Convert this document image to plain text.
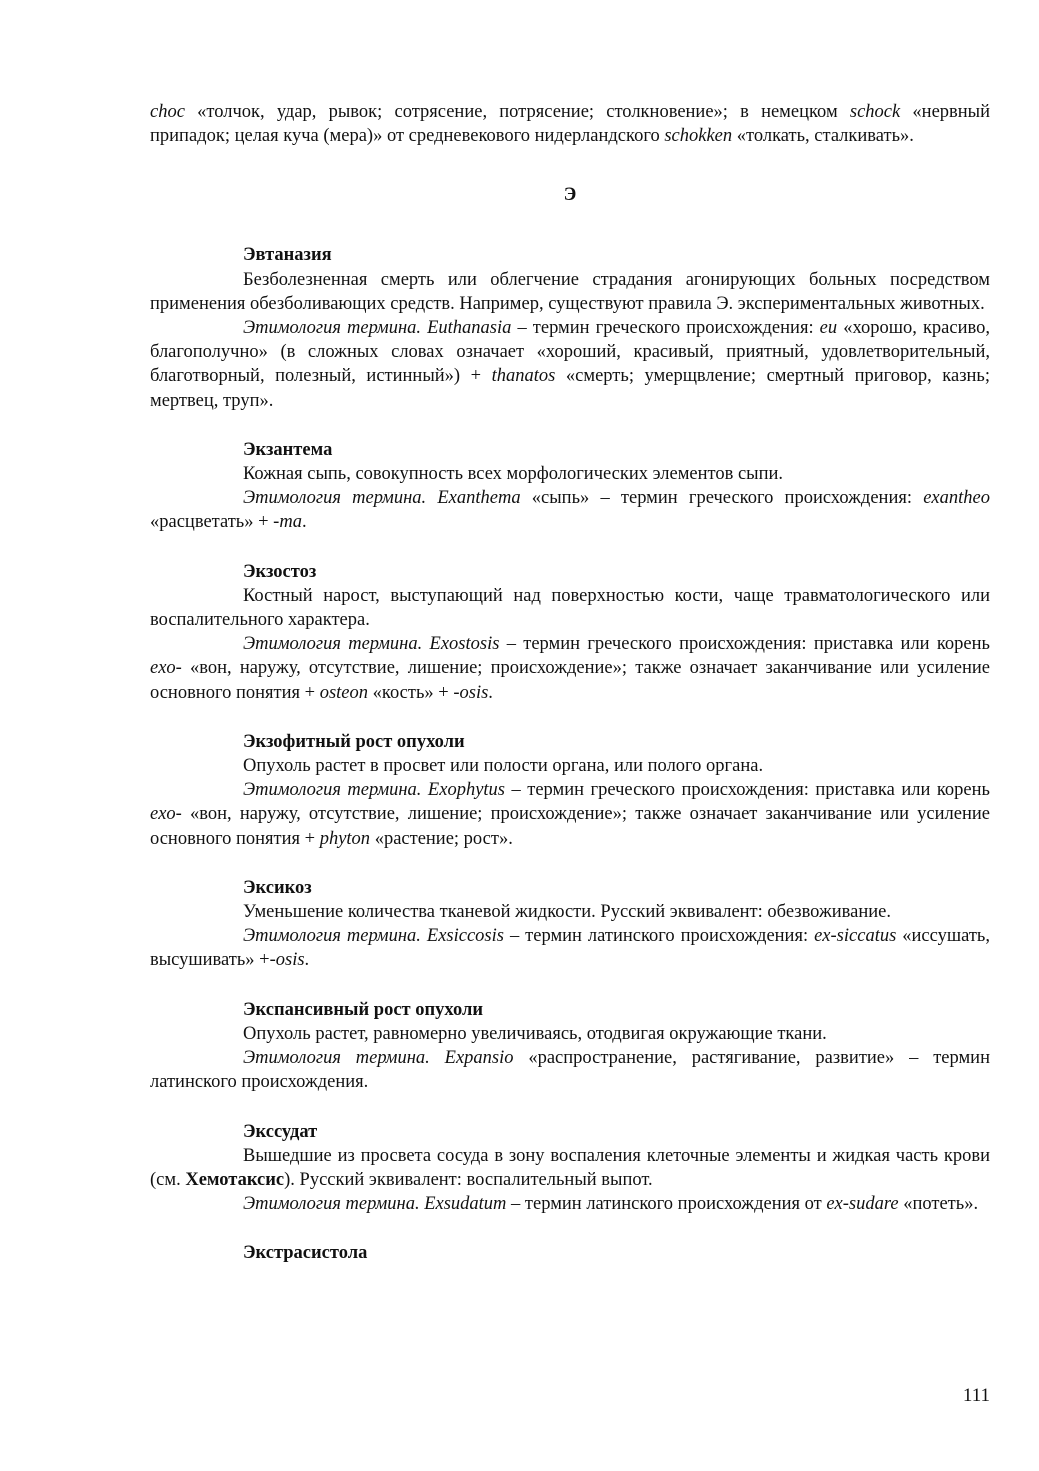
choc «толчок, удар, рывок; сотрясение, потрясение; столкновение»; в немецком schock «нервный припадок; целая куча (мера)» от средневекового нидерландского schokken «толкать, сталкивать».

Э

Эвтаназия

Безболезненная смерть или облегчение страдания агонирующих больных посредством применения обезболивающих средств. Например, существуют правила Э. экспериментальных животных.

Этимология термина. Euthanasia – термин греческого происхождения: eu «хорошо, красиво, благополучно» (в сложных словах означает «хороший, красивый, приятный, удовлетворительный, благотворный, полезный, истинный») + thanatos «смерть; умерщвление; смертный приговор, казнь; мертвец, труп».

Экзантема

Кожная сыпь, совокупность всех морфологических элементов сыпи.

Этимология термина. Exanthema «сыпь» – термин греческого происхождения: exantheo «расцветать» + -ma.

Экзостоз

Костный нарост, выступающий над поверхностью кости, чаще травматологического или воспалительного характера.

Этимология термина. Exostosis – термин греческого происхождения: приставка или корень exo- «вон, наружу, отсутствие, лишение; происхождение»; также означает заканчивание или усиление основного понятия + osteon «кость» + -osis.

Экзофитный рост опухоли

Опухоль растет в просвет или полости органа, или полого органа.

Этимология термина. Exophytus – термин греческого происхождения: приставка или корень exo- «вон, наружу, отсутствие, лишение; происхождение»; также означает заканчивание или усиление основного понятия + phyton «растение; рост».

Эксикоз

Уменьшение количества тканевой жидкости. Русский эквивалент: обезвоживание.

Этимология термина. Exsiccosis – термин латинского происхождения: ex-siccatus «иссушать, высушивать» +-osis.

Экспансивный рост опухоли

Опухоль растет, равномерно увеличиваясь, отодвигая окружающие ткани.

Этимология термина. Expansio «распространение, растягивание, развитие» – термин латинского происхождения.

Экссудат

Вышедшие из просвета сосуда в зону воспаления клеточные элементы и жидкая часть крови (см. Хемотаксис). Русский эквивалент: воспалительный выпот.

Этимология термина. Exsudatum – термин латинского происхождения от ex-sudare «потеть».

Экстрасистола

111
